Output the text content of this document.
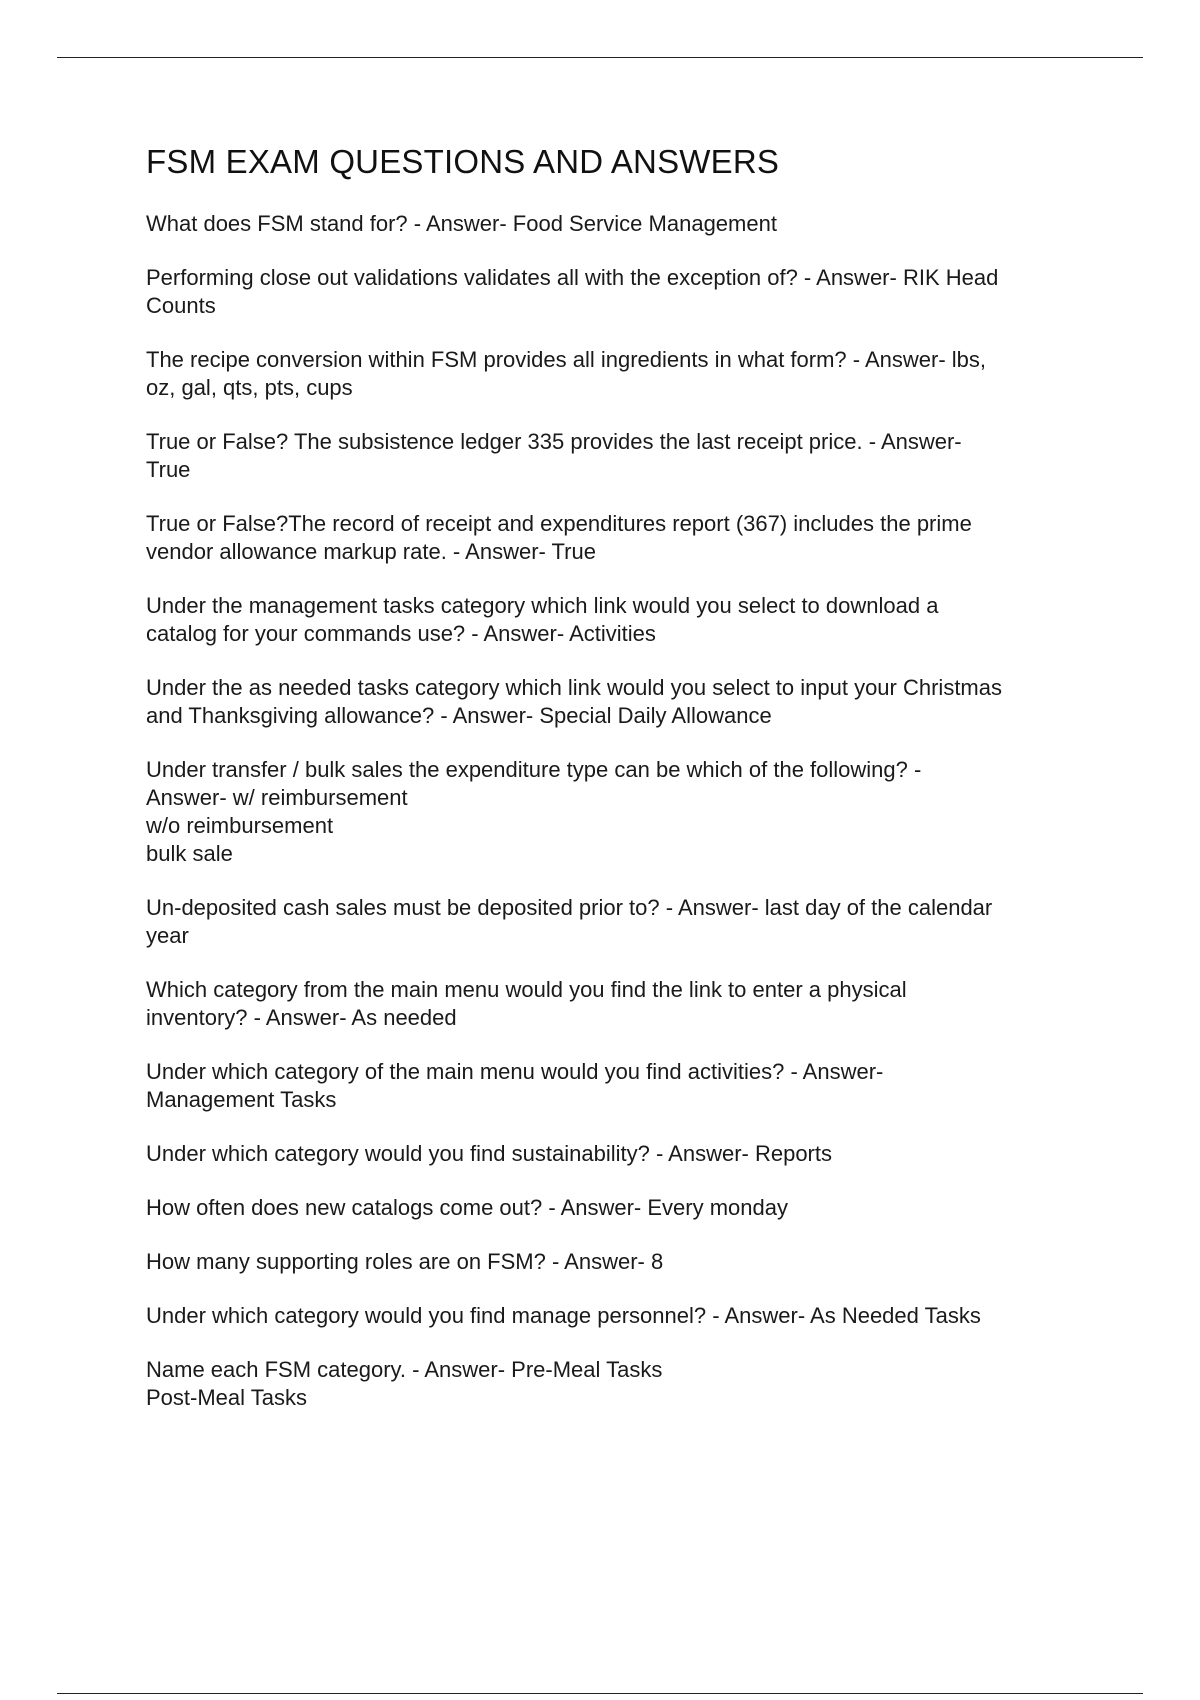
FSM EXAM QUESTIONS AND ANSWERS

What does FSM stand for? - Answer- Food Service Management

Performing close out validations validates all with the exception of? - Answer- RIK Head
Counts

The recipe conversion within FSM provides all ingredients in what form? - Answer- lbs,
oz, gal, qts, pts, cups

True or False? The subsistence ledger 335 provides the last receipt price. - Answer-
True

True or False?The record of receipt and expenditures report (367) includes the prime
vendor allowance markup rate. - Answer- True

Under the management tasks category which link would you select to download a
catalog for your commands use? - Answer- Activities

Under the as needed tasks category which link would you select to input your Christmas
and Thanksgiving allowance? - Answer- Special Daily Allowance

Under transfer / bulk sales the expenditure type can be which of the following? -
Answer- w/ reimbursement
w/o reimbursement
bulk sale

Un-deposited cash sales must be deposited prior to? - Answer- last day of the calendar
year

Which category from the main menu would you find the link to enter a physical
inventory? - Answer- As needed

Under which category of the main menu would you find activities? - Answer-
Management Tasks

Under which category would you find sustainability? - Answer- Reports

How often does new catalogs come out? - Answer- Every monday

How many supporting roles are on FSM? - Answer- 8

Under which category would you find manage personnel? - Answer- As Needed Tasks

Name each FSM category. - Answer- Pre-Meal Tasks
Post-Meal Tasks
